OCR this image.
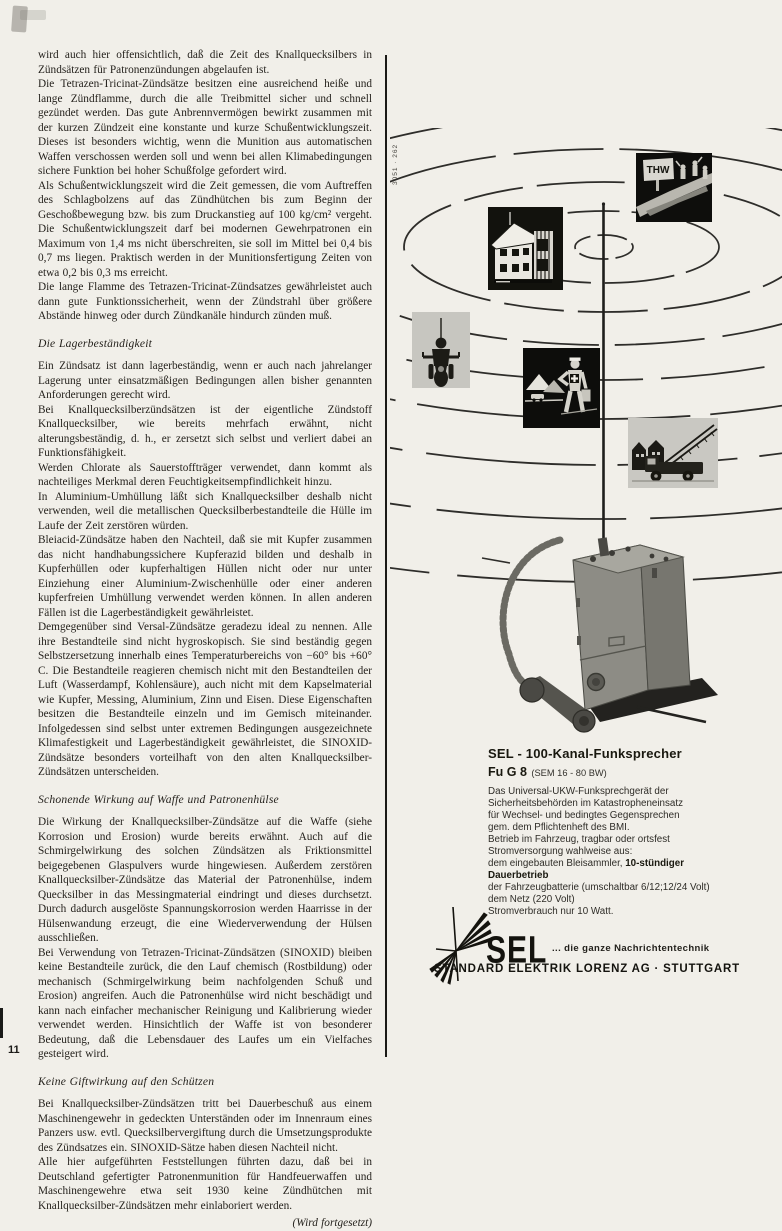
wird auch hier offensichtlich, daß die Zeit des Knallquecksilbers in Zündsätzen für Patronenzündungen abgelaufen ist.

Die Tetrazen-Tricinat-Zündsätze besitzen eine ausreichend heiße und lange Zündflamme, durch die alle Treibmittel sicher und schnell gezündet werden. Das gute Anbrennvermögen bewirkt zusammen mit der kurzen Zündzeit eine konstante und kurze Schußentwicklungszeit. Dieses ist besonders wichtig, wenn die Munition aus automatischen Waffen verschossen werden soll und wenn bei allen Klimabedingungen sichere Funktion bei hoher Schußfolge gefordert wird.

Als Schußentwicklungszeit wird die Zeit gemessen, die vom Auftreffen des Schlagbolzens auf das Zündhütchen bis zum Beginn der Geschoßbewegung bzw. bis zum Druckanstieg auf 100 kg/cm² vergeht. Die Schußentwicklungszeit darf bei modernen Gewehrpatronen ein Maximum von 1,4 ms nicht überschreiten, sie soll im Mittel bei 0,4 bis 0,7 ms liegen. Praktisch werden in der Munitionsfertigung Zeiten von etwa 0,2 bis 0,3 ms erreicht.

Die lange Flamme des Tetrazen-Tricinat-Zündsatzes gewährleistet auch dann gute Funktionssicherheit, wenn der Zündstrahl über größere Abstände hinweg oder durch Zündkanäle hindurch zünden muß.

Die Lagerbeständigkeit

Ein Zündsatz ist dann lagerbeständig, wenn er auch nach jahrelanger Lagerung unter einsatzmäßigen Bedingungen allen bisher genannten Anforderungen gerecht wird.

Bei Knallquecksilberzündsätzen ist der eigentliche Zündstoff Knallquecksilber, wie bereits mehrfach erwähnt, nicht alterungsbeständig, d. h., er zersetzt sich selbst und verliert dabei an Funktionsfähigkeit.

Werden Chlorate als Sauerstoffträger verwendet, dann kommt als nachteiliges Merkmal deren Feuchtigkeitsempfindlichkeit hinzu.

In Aluminium-Umhüllung läßt sich Knallquecksilber deshalb nicht verwenden, weil die metallischen Quecksilberbestandteile die Hülle im Laufe der Zeit zerstören würden.

Bleiacid-Zündsätze haben den Nachteil, daß sie mit Kupfer zusammen das nicht handhabungssichere Kupferazid bilden und deshalb in Kupferhüllen oder kupferhaltigen Hüllen nicht oder nur unter Einziehung einer Aluminium-Zwischenhülle oder einer anderen kupferfreien Umhüllung verwendet werden können. In allen anderen Fällen ist die Lagerbeständigkeit gewährleistet.

Demgegenüber sind Versal-Zündsätze geradezu ideal zu nennen. Alle ihre Bestandteile sind nicht hygroskopisch. Sie sind beständig gegen Selbstzersetzung innerhalb eines Temperaturbereichs von −60° bis +60° C. Die Bestandteile reagieren chemisch nicht mit den Bestandteilen der Luft (Wasserdampf, Kohlensäure), auch nicht mit dem Kapselmaterial wie Kupfer, Messing, Aluminium, Zinn und Eisen. Diese Eigenschaften besitzen die Bestandteile einzeln und im Gemisch miteinander. Infolgedessen sind selbst unter extremen Bedingungen ausgezeichnete Klimafestigkeit und Lagerbeständigkeit gewährleistet, die SINOXID-Zündsätze besonders vorteilhaft von den alten Knallquecksilber-Zündsätzen unterscheiden.

Schonende Wirkung auf Waffe und Patronenhülse

Die Wirkung der Knallquecksilber-Zündsätze auf die Waffe (siehe Korrosion und Erosion) wurde bereits erwähnt. Auch auf die Schmirgelwirkung des solchen Zündsätzen als Friktionsmittel beigegebenen Glaspulvers wurde hingewiesen. Außerdem zerstören Knallquecksilber-Zündsätze das Material der Patronenhülse, indem Quecksilber in das Messingmaterial eindringt und dieses durchsetzt. Durch dadurch ausgelöste Spannungskorrosion werden Haarrisse in der Hülsenwandung erzeugt, die eine Wiederverwendung der Hülsen ausschließen.

Bei Verwendung von Tetrazen-Tricinat-Zündsätzen (SINOXID) bleiben keine Bestandteile zurück, die den Lauf chemisch (Rostbildung) oder mechanisch (Schmirgelwirkung beim nachfolgenden Schuß und Erosion) angreifen. Auch die Patronenhülse wird nicht beschädigt und kann nach einfacher mechanischer Reinigung und Kalibrierung wieder verwendet werden. Hinsichtlich der Waffe ist von besonderer Bedeutung, daß die Lebensdauer des Laufes um ein Vielfaches gesteigert wird.

Keine Giftwirkung auf den Schützen

Bei Knallquecksilber-Zündsätzen tritt bei Dauerbeschuß aus einem Maschinengewehr in gedeckten Unterständen oder im Innenraum eines Panzers usw. evtl. Quecksilbervergiftung durch die Umsetzungsprodukte des Zündsatzes ein. SINOXID-Sätze haben diesen Nachteil nicht.

Alle hier aufgeführten Feststellungen führten dazu, daß bei in Deutschland gefertigter Patronenmunition für Handfeuerwaffen und Maschinengewehre etwa seit 1930 keine Zündhütchen mit Knallquecksilber-Zündsätzen mehr einlaboriert werden.

(Wird fortgesetzt)

11
3051 · 262	THW
SEL - 100-Kanal-Funksprecher
Fu G 8 (SEM 16 - 80 BW)
Das Universal-UKW-Funksprechgerät der
Sicherheitsbehörden im Katastropheneinsatz
für Wechsel- und bedingtes Gegensprechen
gem. dem Pflichtenheft des BMI.
Betrieb im Fahrzeug, tragbar oder ortsfest
Stromversorgung wahlweise aus:
dem eingebauten Bleisammler, 10-stündiger
Dauerbetrieb
der Fahrzeugbatterie (umschaltbar 6/12;12/24 Volt)
dem Netz (220 Volt)
Stromverbrauch nur 10 Watt.
SEL ... die ganze Nachrichtentechnik
STANDARD ELEKTRIK LORENZ AG · STUTTGART
